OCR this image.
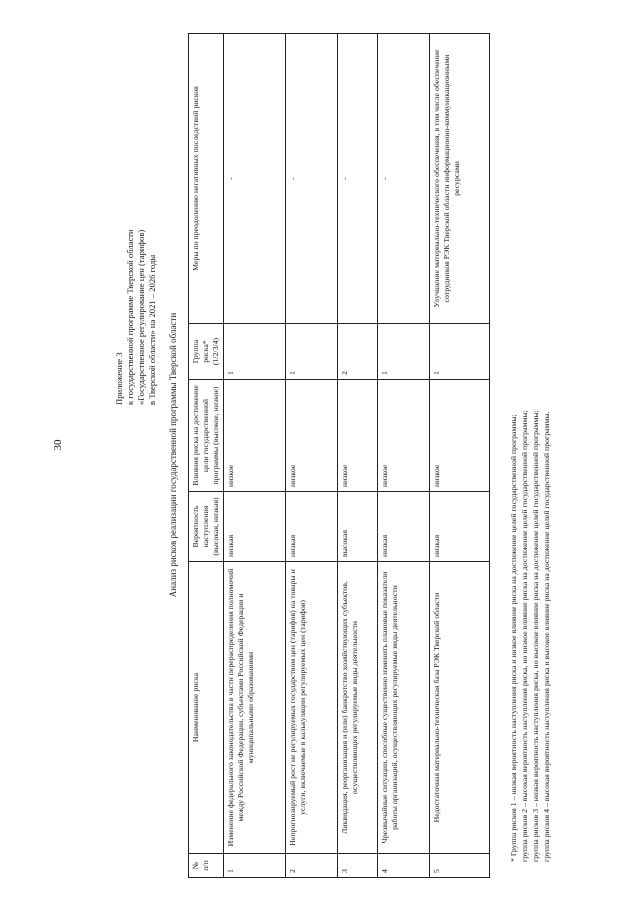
30
Приложение 3 к государственной программе Тверской области «Государственное регулирование цен (тарифов) в Тверской области» на 2021 – 2026 годы Анализ рисков реализации государственной программы Тверской области
№ п/п	Наименование риска	Вероятность наступления (высокая, низкая)	Влияния риска на достижение цели государственной программы (высокое, низкое)	Группа риска* (1/2/3/4)	Меры по преодолению негативных последствий рисков
1	Изменение федерального законодательства в части перераспределения полномочий между Российской Федерации, субъектами Российской Федерации и муниципальными образованиями	низкая	низкое	1	-
2	Непрогнозируемый рост не регулируемых государством цен (тарифов) на товары и услуги, включаемые в калькуляции регулируемых цен (тарифов)	низкая	низкое	1	-
3	Ликвидация, реорганизация и (или) банкротство хозяйствующих субъектов, осуществляющих регулируемые виды деятельности	высокая	низкое	2	-
4	Чрезвычайные ситуации, способные существенно изменить плановые показатели работы организаций, осуществляющих регулируемые виды деятельности	низкая	низкое	1	-
5	Недостаточная материально-техническая база РЭК Тверской области	низкая	низкое	1	Улучшение материально-технического обеспечения, в том числе обеспечение сотрудников РЭК Тверской области информационно-коммуникационными ресурсами
* Группа рисков 1 – низкая вероятность наступления риска и низкое влияние риска на достижение целей государственной программы; группа рисков 2 – высокая вероятность наступления риска, но низкое влияние риска на достижение целей государственной программы; группа рисков 3 – низкая вероятность наступления риска, но высокое влияние риска на достижение целей государственной программы; группа рисков 4 – высокая вероятность наступления риска и высокое влияние риска на достижение целей государственной программы.
